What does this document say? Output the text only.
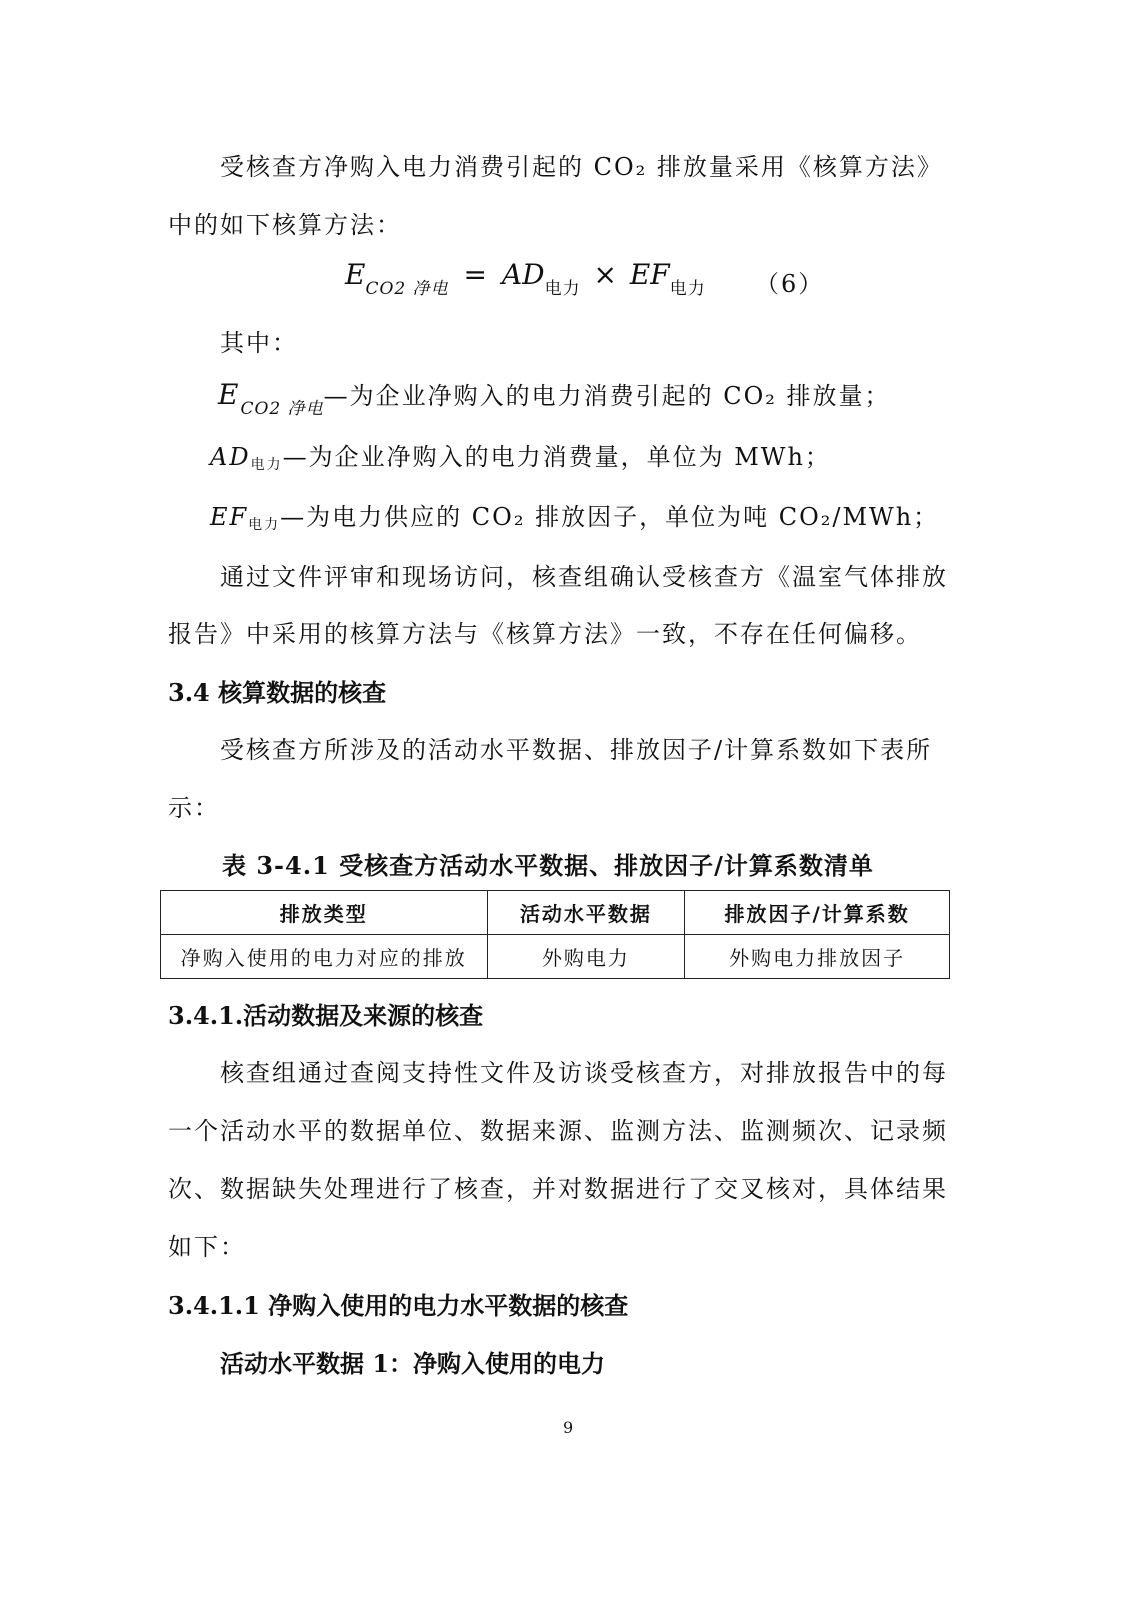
受核查方净购入电力消费引起的 CO₂ 排放量采用《核算方法》
中的如下核算方法：
$E_{CO2 净电} = AD_{电力} \times EF_{电力}$ （6）
其中：
$E_{CO2 净电}—$为企业净购入的电力消费引起的 CO₂ 排放量；
AD电力—为企业净购入的电力消费量，单位为 MWh；
EF电力—为电力供应的 CO₂ 排放因子，单位为吨 CO₂/MWh；
通过文件评审和现场访问，核查组确认受核查方《温室气体排放
报告》中采用的核算方法与《核算方法》一致，不存在任何偏移。
3.4 核算数据的核查
受核查方所涉及的活动水平数据、排放因子/计算系数如下表所
示：
表 3-4.1 受核查方活动水平数据、排放因子/计算系数清单
排放类型	活动水平数据	排放因子/计算系数
净购入使用的电力对应的排放	外购电力	外购电力排放因子
3.4.1.活动数据及来源的核查
核查组通过查阅支持性文件及访谈受核查方，对排放报告中的每
一个活动水平的数据单位、数据来源、监测方法、监测频次、记录频
次、数据缺失处理进行了核查，并对数据进行了交叉核对，具体结果
如下：
3.4.1.1 净购入使用的电力水平数据的核查
活动水平数据 1：净购入使用的电力
9
